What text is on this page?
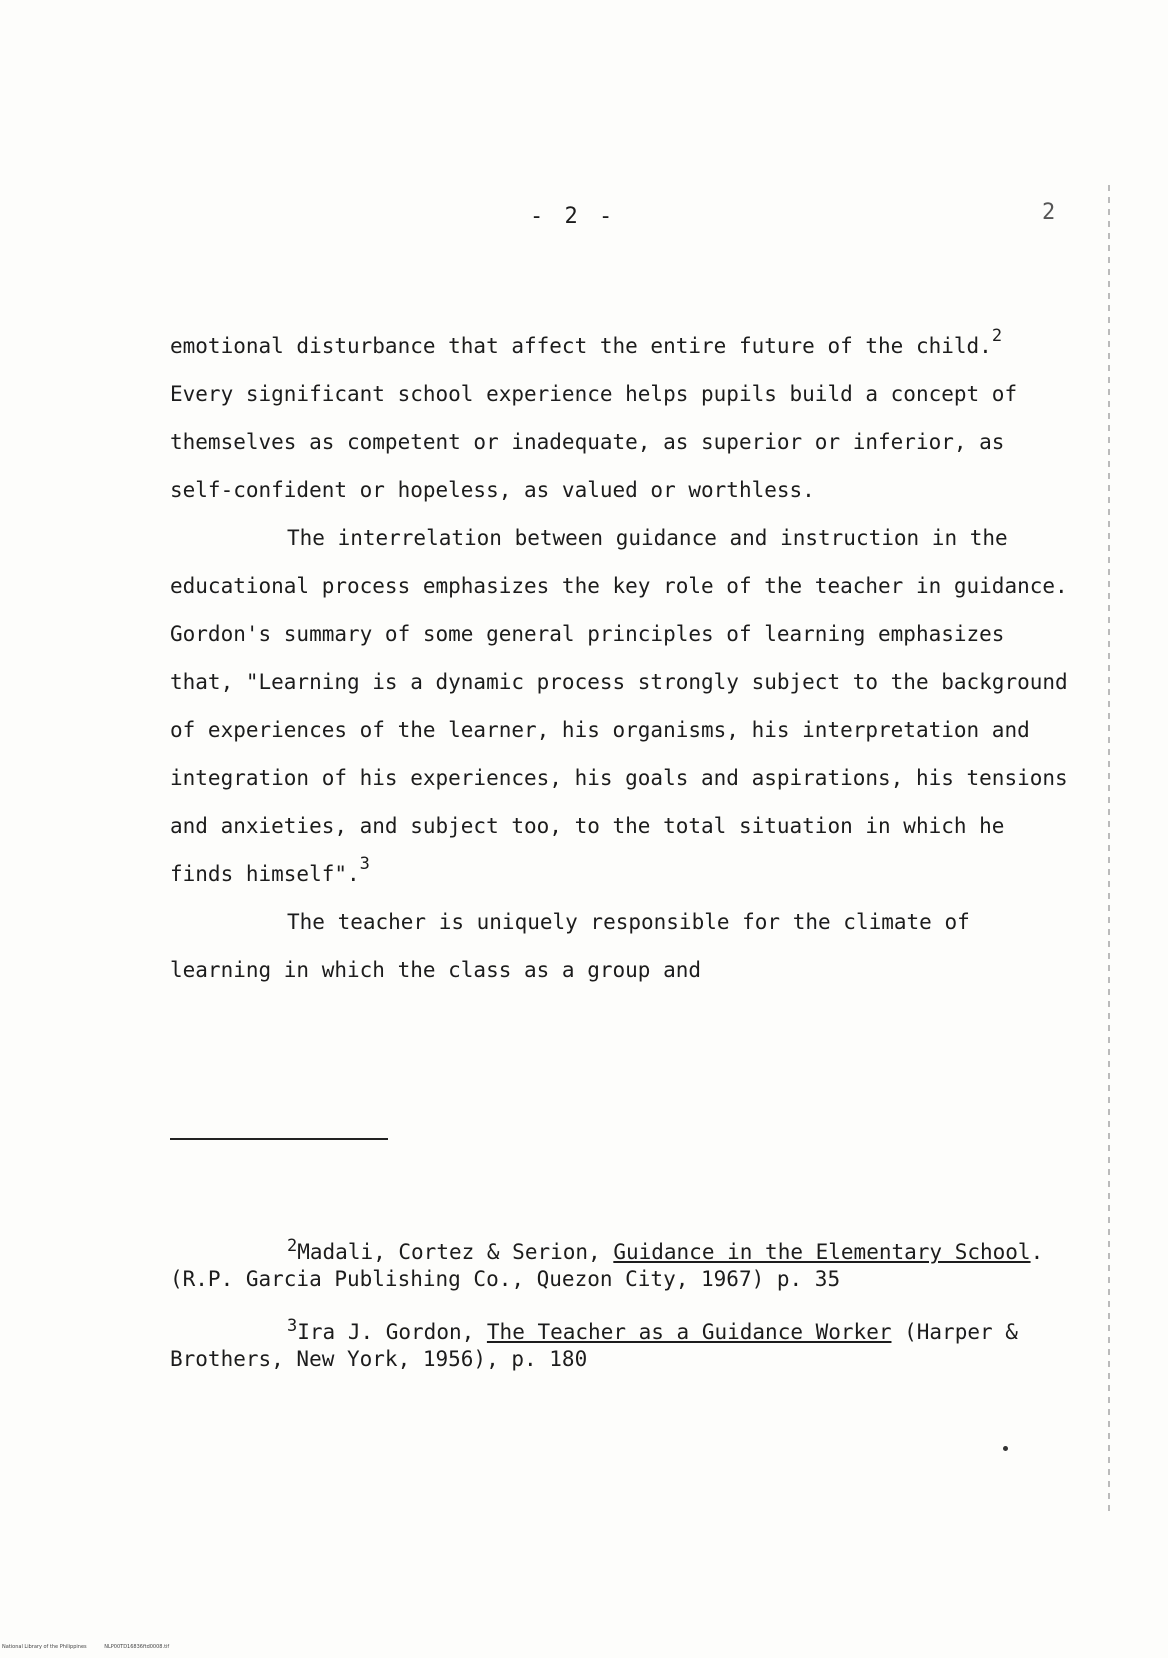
- 2 -	2

emotional disturbance that affect the entire future of the child.$^2$ Every significant school experience helps pupils build a concept of themselves as competent or inadequate, as superior or inferior, as self-confident or hopeless, as valued or worthless.

The interrelation between guidance and instruction in the educational process emphasizes the key role of the teacher in guidance. Gordon's summary of some general principles of learning emphasizes that, "Learning is a dynamic process strongly subject to the background of experiences of the learner, his organisms, his interpretation and integration of his experiences, his goals and aspirations, his tensions and anxieties, and subject too, to the total situation in which he finds himself".$^3$

The teacher is uniquely responsible for the climate of learning in which the class as a group and

$^2$Madali, Cortez & Serion, Guidance in the Elementary School. (R.P. Garcia Publishing Co., Quezon City, 1967) p. 35

$^3$Ira J. Gordon, The Teacher as a Guidance Worker (Harper & Brothers, New York, 1956), p. 180

National Library of the Philippines	NLP00TD16836ftd0008.tif
